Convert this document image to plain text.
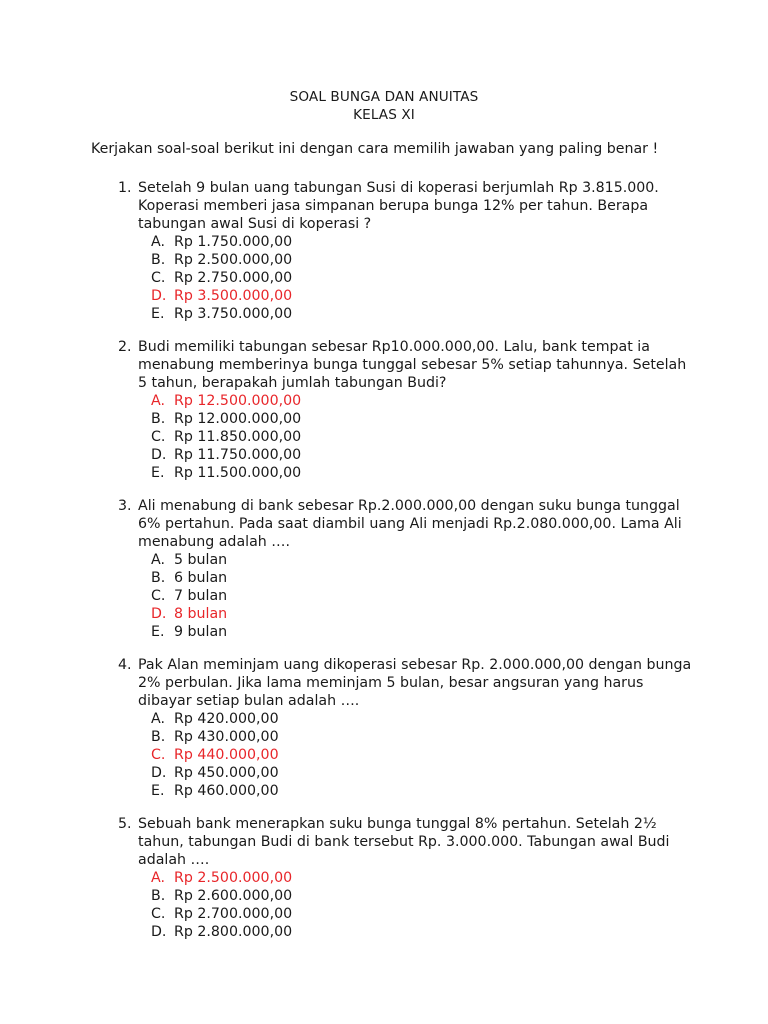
SOAL BUNGA DAN ANUITAS
KELAS XI
Kerjakan soal-soal berikut ini dengan cara memilih jawaban yang paling benar !
1. Setelah 9 bulan uang tabungan Susi di koperasi berjumlah Rp 3.815.000.
Koperasi memberi jasa simpanan berupa bunga 12% per tahun. Berapa
tabungan awal Susi di koperasi ?
A. Rp 1.750.000,00
B. Rp 2.500.000,00
C. Rp 2.750.000,00
D. Rp 3.500.000,00
E. Rp 3.750.000,00
2. Budi memiliki tabungan sebesar Rp10.000.000,00. Lalu, bank tempat ia
menabung memberinya bunga tunggal sebesar 5% setiap tahunnya. Setelah
5 tahun, berapakah jumlah tabungan Budi?
A. Rp 12.500.000,00
B. Rp 12.000.000,00
C. Rp 11.850.000,00
D. Rp 11.750.000,00
E. Rp 11.500.000,00
3. Ali menabung di bank sebesar Rp.2.000.000,00 dengan suku bunga tunggal
6% pertahun. Pada saat diambil uang Ali menjadi Rp.2.080.000,00. Lama Ali
menabung adalah ….
A. 5 bulan
B. 6 bulan
C. 7 bulan
D. 8 bulan
E. 9 bulan
4. Pak Alan meminjam uang dikoperasi sebesar Rp. 2.000.000,00 dengan bunga
2% perbulan. Jika lama meminjam 5 bulan, besar angsuran yang harus
dibayar setiap bulan adalah ….
A. Rp 420.000,00
B. Rp 430.000,00
C. Rp 440.000,00
D. Rp 450.000,00
E. Rp 460.000,00
5. Sebuah bank menerapkan suku bunga tunggal 8% pertahun. Setelah 2½
tahun, tabungan Budi di bank tersebut Rp. 3.000.000. Tabungan awal Budi
adalah ….
A. Rp 2.500.000,00
B. Rp 2.600.000,00
C. Rp 2.700.000,00
D. Rp 2.800.000,00
